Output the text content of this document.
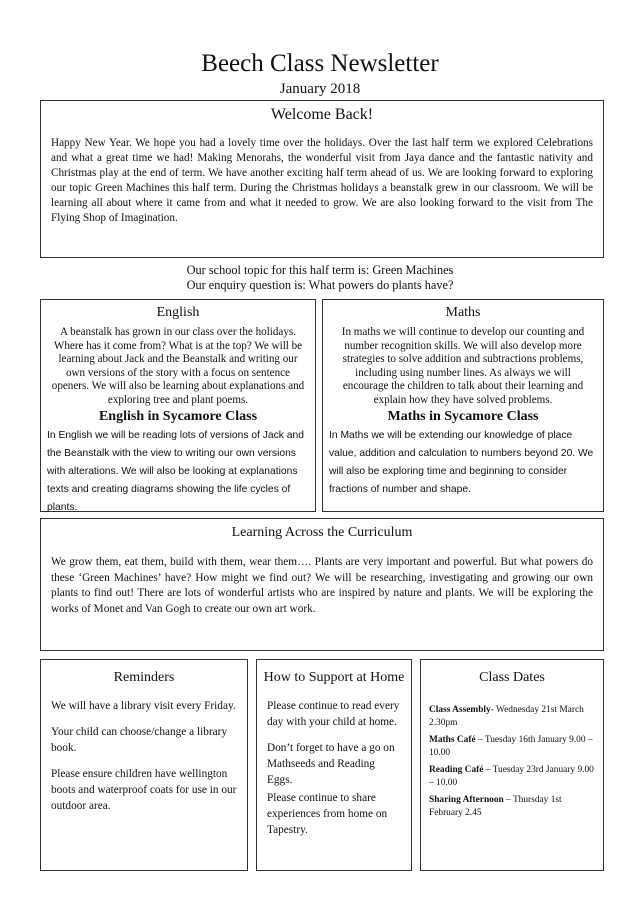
Beech Class Newsletter
January 2018
Welcome Back!

Happy New Year. We hope you had a lovely time over the holidays. Over the last half term we explored Celebrations and what a great time we had! Making Menorahs, the wonderful visit from Jaya dance and the fantastic nativity and Christmas play at the end of term. We have another exciting half term ahead of us. We are looking forward to exploring our topic Green Machines this half term. During the Christmas holidays a beanstalk grew in our classroom. We will be learning all about where it came from and what it needed to grow. We are also looking forward to the visit from The Flying Shop of Imagination.

Our school topic for this half term is: Green Machines
Our enquiry question is: What powers do plants have?
English
A beanstalk has grown in our class over the holidays. Where has it come from? What is at the top? We will be learning about Jack and the Beanstalk and writing our own versions of the story with a focus on sentence openers. We will also be learning about explanations and exploring tree and plant poems.
English in Sycamore Class
In English we will be reading lots of versions of Jack and the Beanstalk with the view to writing our own versions with alterations. We will also be looking at explanations texts and creating diagrams showing the life cycles of plants.
Maths
In maths we will continue to develop our counting and number recognition skills. We will also develop more strategies to solve addition and subtractions problems, including using number lines. As always we will encourage the children to talk about their learning and explain how they have solved problems.
Maths in Sycamore Class
In Maths we will be extending our knowledge of place value, addition and calculation to numbers beyond 20. We will also be exploring time and beginning to consider fractions of number and shape.
Learning Across the Curriculum

We grow them, eat them, build with them, wear them…. Plants are very important and powerful. But what powers do these ‘Green Machines’ have? How might we find out? We will be researching, investigating and growing our own plants to find out! There are lots of wonderful artists who are inspired by nature and plants. We will be exploring the works of Monet and Van Gogh to create our own art work.

Reminders

We will have a library visit every Friday.

Your child can choose/change a library book.

Please ensure children have wellington boots and waterproof coats for use in our outdoor area.

How to Support at Home

Please continue to read every day with your child at home.

Don’t forget to have a go on Mathseeds and Reading Eggs.

Please continue to share experiences from home on Tapestry.

Class Dates
Class Assembly- Wednesday 21st March 2.30pm
Maths Café – Tuesday 16th January 9.00 – 10.00
Reading Café – Tuesday 23rd January 9.00 – 10.00
Sharing Afternoon – Thursday 1st February 2.45
